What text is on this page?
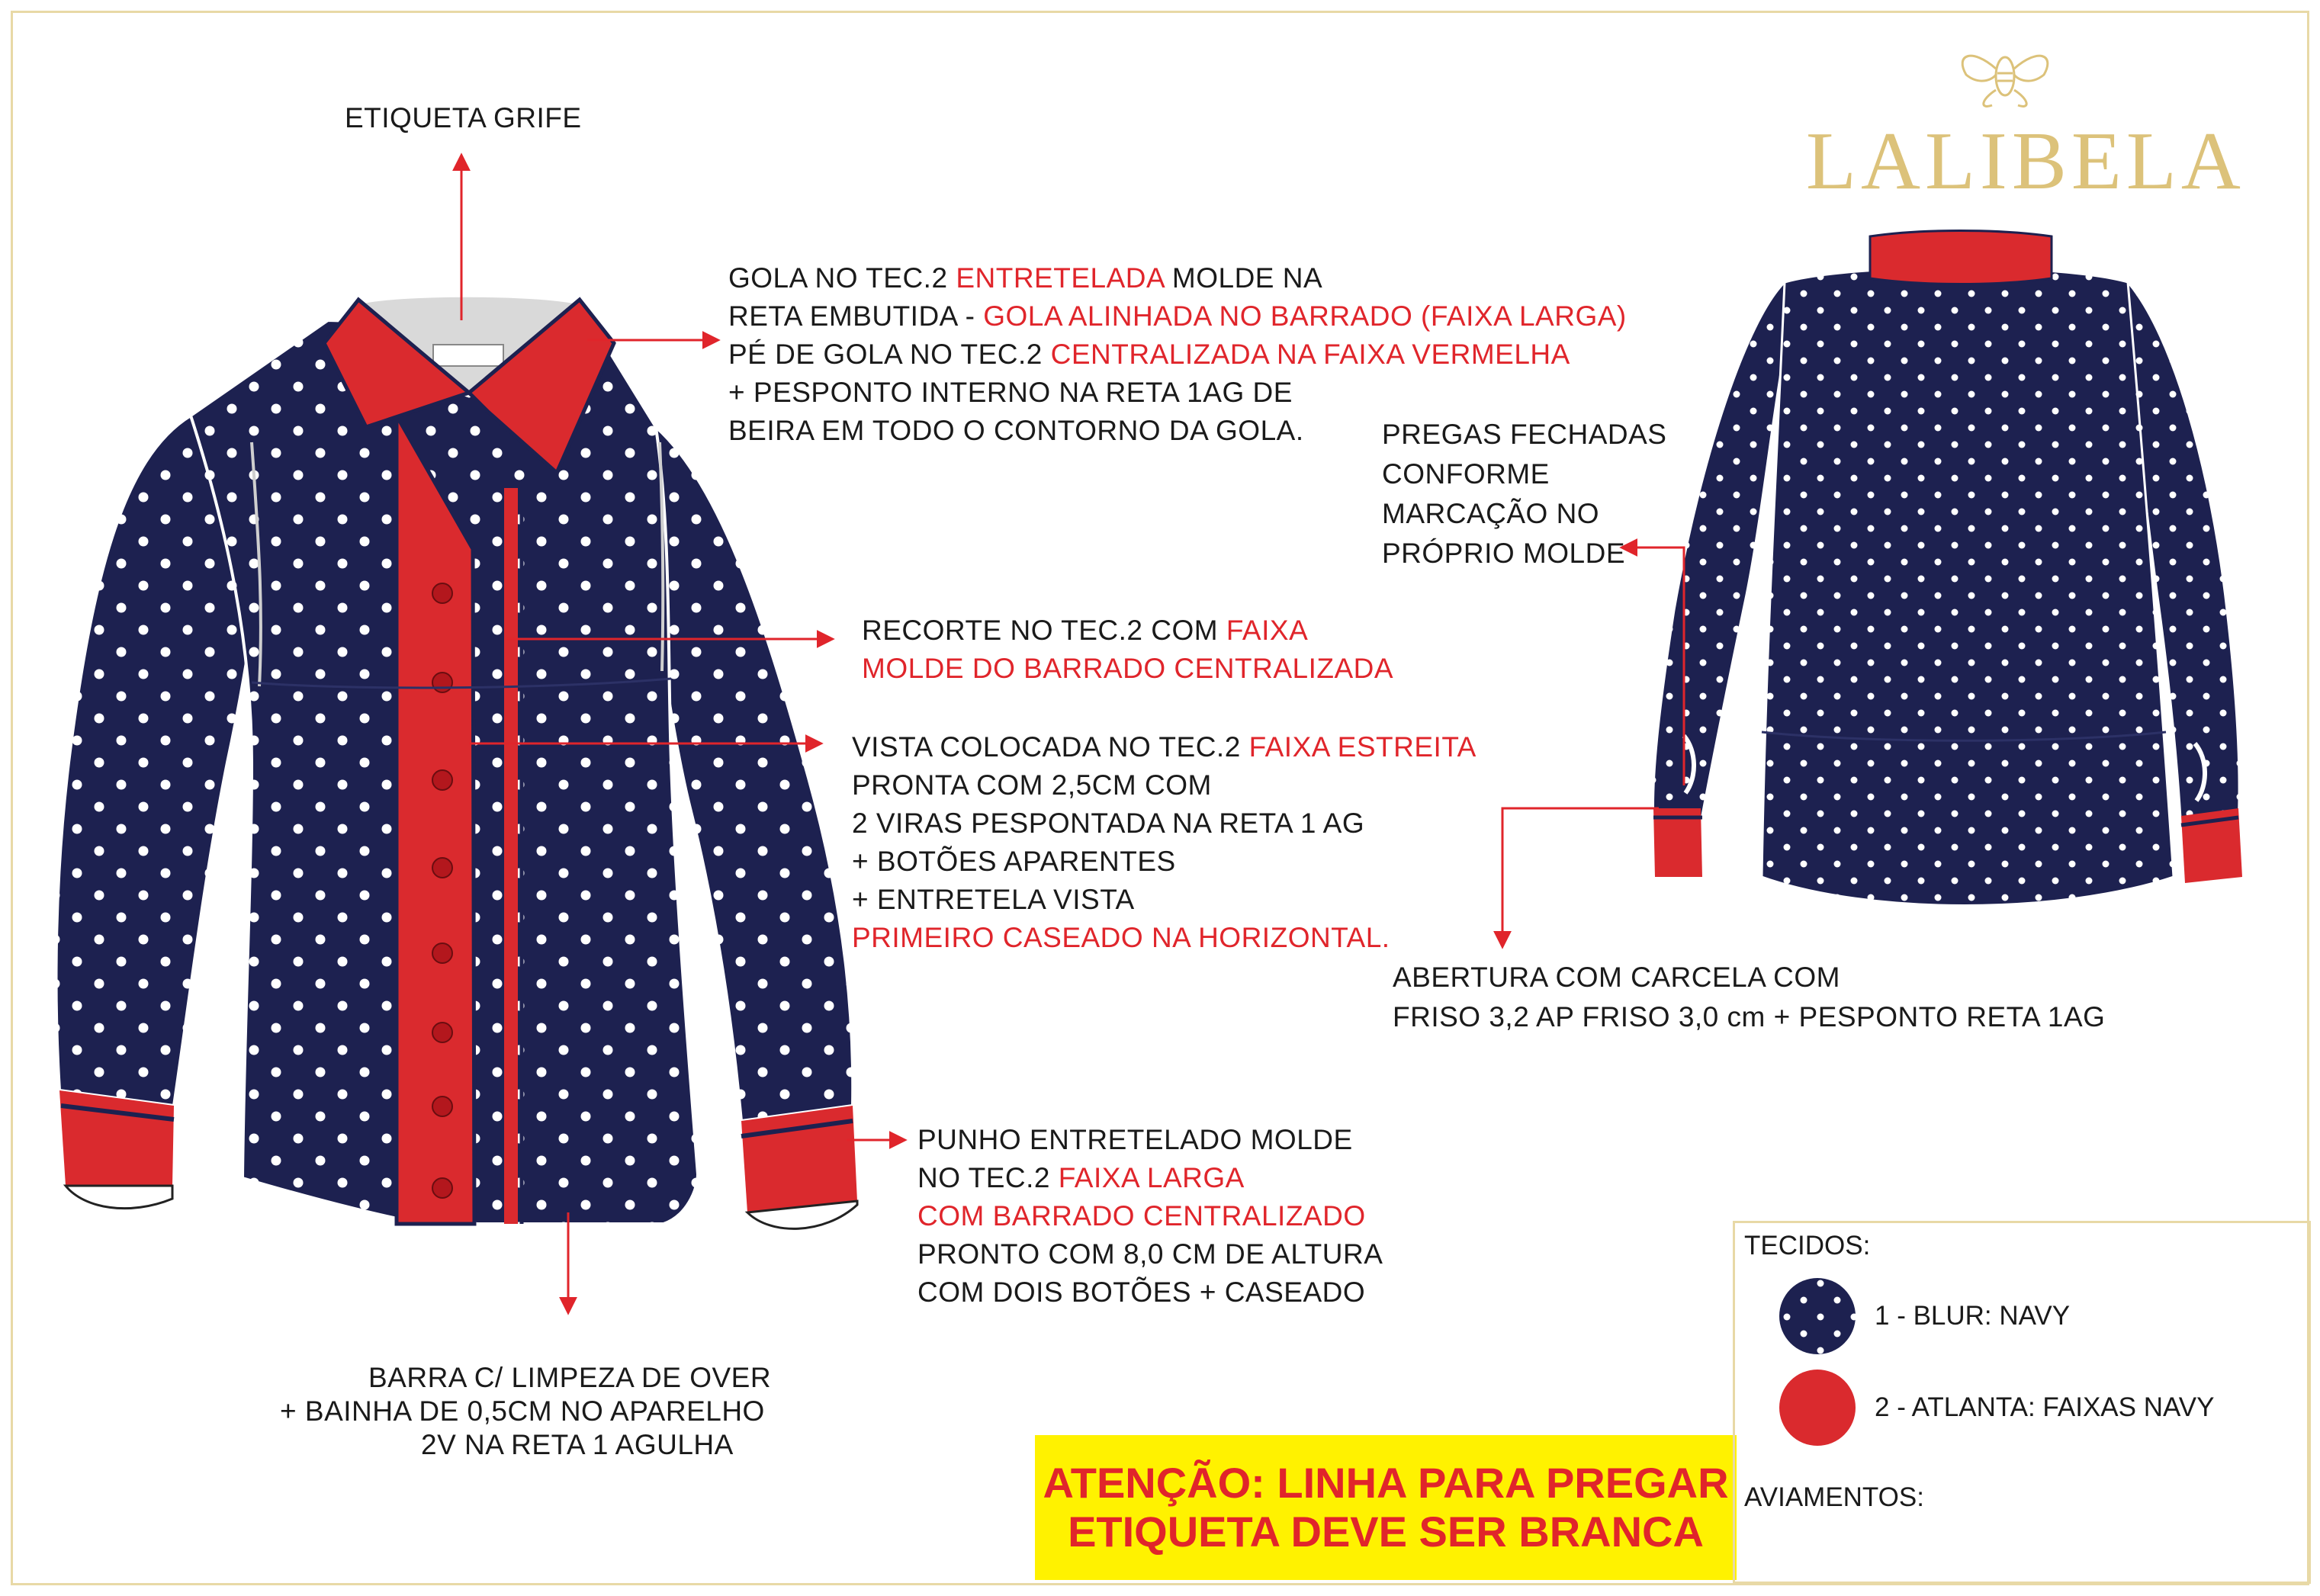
LALIBELA
ETIQUETA GRIFE
GOLA NO TEC.2 ENTRETELADA MOLDE NA
RETA EMBUTIDA - GOLA ALINHADA NO BARRADO (FAIXA LARGA)
PÉ DE GOLA NO TEC.2 CENTRALIZADA NA FAIXA VERMELHA
+ PESPONTO INTERNO NA RETA 1AG DE
BEIRA EM TODO O CONTORNO DA GOLA.
RECORTE NO TEC.2 COM FAIXA
MOLDE DO BARRADO CENTRALIZADA
VISTA COLOCADA NO TEC.2 FAIXA ESTREITA
PRONTA COM 2,5CM COM
2 VIRAS PESPONTADA NA RETA 1 AG
+ BOTÕES APARENTES
+ ENTRETELA VISTA
PRIMEIRO CASEADO NA HORIZONTAL.
PUNHO ENTRETELADO MOLDE
NO TEC.2 FAIXA LARGA
COM BARRADO CENTRALIZADO
PRONTO COM 8,0 CM DE ALTURA
COM DOIS BOTÕES + CASEADO
BARRA C/ LIMPEZA DE OVER
+ BAINHA DE 0,5CM NO APARELHO
2V NA RETA 1 AGULHA
PREGAS FECHADAS
CONFORME
MARCAÇÃO NO
PRÓPRIO MOLDE
ABERTURA COM CARCELA COM
FRISO 3,2 AP FRISO 3,0 cm + PESPONTO RETA 1AG
ATENÇÃO: LINHA PARA PREGAR
ETIQUETA DEVE SER BRANCA
TECIDOS:
1 - BLUR: NAVY
2 - ATLANTA: FAIXAS NAVY
AVIAMENTOS:
